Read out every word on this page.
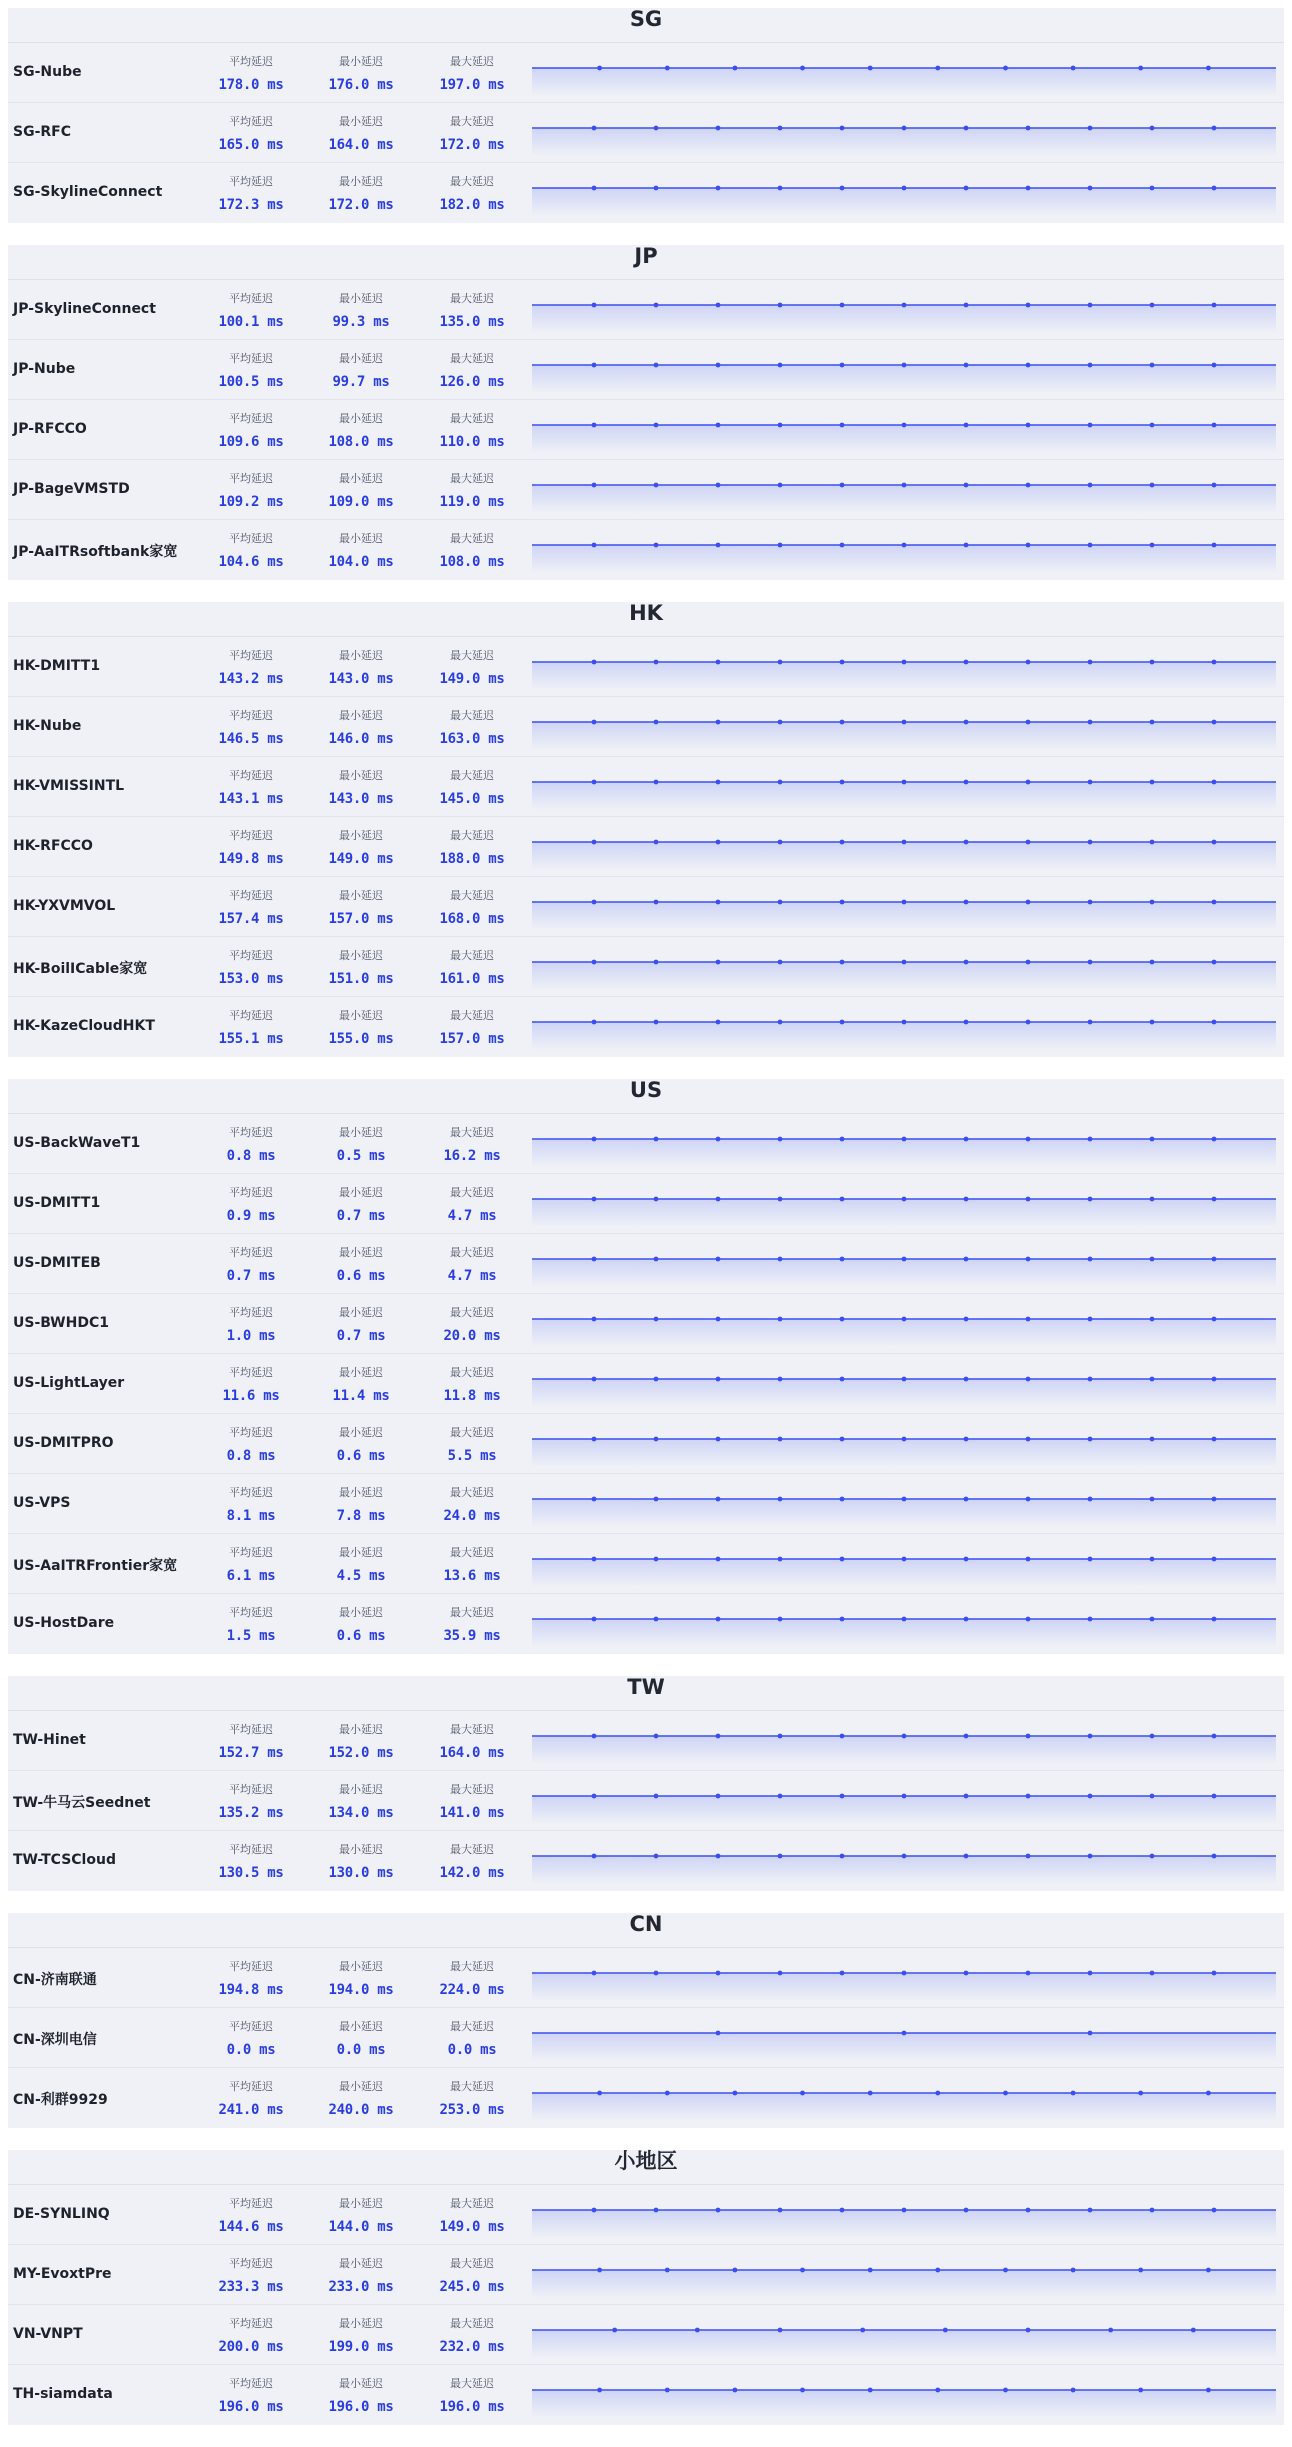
SG
SG-Nube
平均延迟
178.0 ms
最小延迟
176.0 ms
最大延迟
197.0 ms
SG-RFC
平均延迟
165.0 ms
最小延迟
164.0 ms
最大延迟
172.0 ms
SG-SkylineConnect
平均延迟
172.3 ms
最小延迟
172.0 ms
最大延迟
182.0 ms
JP
JP-SkylineConnect
平均延迟
100.1 ms
最小延迟
99.3 ms
最大延迟
135.0 ms
JP-Nube
平均延迟
100.5 ms
最小延迟
99.7 ms
最大延迟
126.0 ms
JP-RFCCO
平均延迟
109.6 ms
最小延迟
108.0 ms
最大延迟
110.0 ms
JP-BageVMSTD
平均延迟
109.2 ms
最小延迟
109.0 ms
最大延迟
119.0 ms
JP-AaITRsoftbank家宽
平均延迟
104.6 ms
最小延迟
104.0 ms
最大延迟
108.0 ms
HK
HK-DMITT1
平均延迟
143.2 ms
最小延迟
143.0 ms
最大延迟
149.0 ms
HK-Nube
平均延迟
146.5 ms
最小延迟
146.0 ms
最大延迟
163.0 ms
HK-VMISSINTL
平均延迟
143.1 ms
最小延迟
143.0 ms
最大延迟
145.0 ms
HK-RFCCO
平均延迟
149.8 ms
最小延迟
149.0 ms
最大延迟
188.0 ms
HK-YXVMVOL
平均延迟
157.4 ms
最小延迟
157.0 ms
最大延迟
168.0 ms
HK-BoilICable家宽
平均延迟
153.0 ms
最小延迟
151.0 ms
最大延迟
161.0 ms
HK-KazeCloudHKT
平均延迟
155.1 ms
最小延迟
155.0 ms
最大延迟
157.0 ms
US
US-BackWaveT1
平均延迟
0.8 ms
最小延迟
0.5 ms
最大延迟
16.2 ms
US-DMITT1
平均延迟
0.9 ms
最小延迟
0.7 ms
最大延迟
4.7 ms
US-DMITEB
平均延迟
0.7 ms
最小延迟
0.6 ms
最大延迟
4.7 ms
US-BWHDC1
平均延迟
1.0 ms
最小延迟
0.7 ms
最大延迟
20.0 ms
US-LightLayer
平均延迟
11.6 ms
最小延迟
11.4 ms
最大延迟
11.8 ms
US-DMITPRO
平均延迟
0.8 ms
最小延迟
0.6 ms
最大延迟
5.5 ms
US-VPS
平均延迟
8.1 ms
最小延迟
7.8 ms
最大延迟
24.0 ms
US-AaITRFrontier家宽
平均延迟
6.1 ms
最小延迟
4.5 ms
最大延迟
13.6 ms
US-HostDare
平均延迟
1.5 ms
最小延迟
0.6 ms
最大延迟
35.9 ms
TW
TW-Hinet
平均延迟
152.7 ms
最小延迟
152.0 ms
最大延迟
164.0 ms
TW-牛马云Seednet
平均延迟
135.2 ms
最小延迟
134.0 ms
最大延迟
141.0 ms
TW-TCSCloud
平均延迟
130.5 ms
最小延迟
130.0 ms
最大延迟
142.0 ms
CN
CN-济南联通
平均延迟
194.8 ms
最小延迟
194.0 ms
最大延迟
224.0 ms
CN-深圳电信
平均延迟
0.0 ms
最小延迟
0.0 ms
最大延迟
0.0 ms
CN-利群9929
平均延迟
241.0 ms
最小延迟
240.0 ms
最大延迟
253.0 ms
小地区
DE-SYNLINQ
平均延迟
144.6 ms
最小延迟
144.0 ms
最大延迟
149.0 ms
MY-EvoxtPre
平均延迟
233.3 ms
最小延迟
233.0 ms
最大延迟
245.0 ms
VN-VNPT
平均延迟
200.0 ms
最小延迟
199.0 ms
最大延迟
232.0 ms
TH-siamdata
平均延迟
196.0 ms
最小延迟
196.0 ms
最大延迟
196.0 ms
